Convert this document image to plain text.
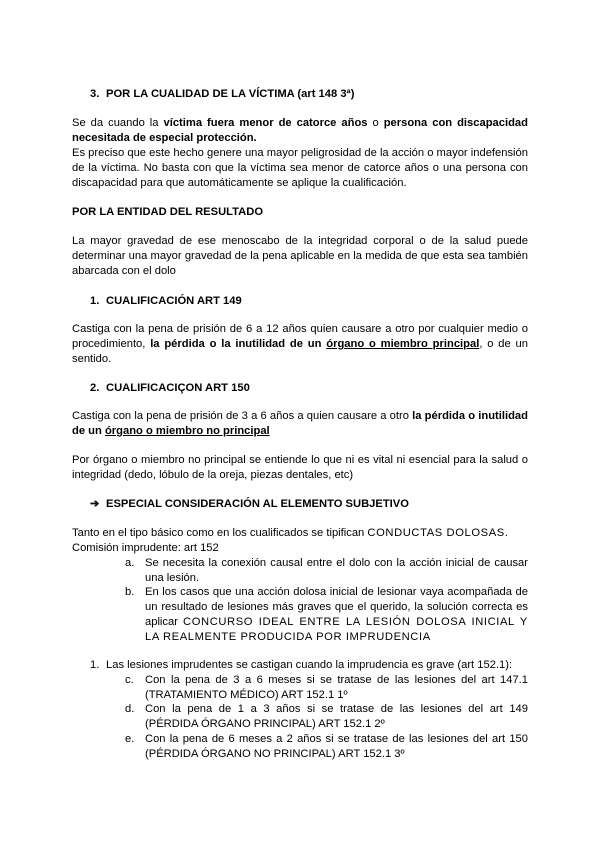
3. POR LA CUALIDAD DE LA VÍCTIMA (art 148 3ª)
Se da cuando la víctima fuera menor de catorce años o persona con discapacidad necesitada de especial protección.
Es preciso que este hecho genere una mayor peligrosidad de la acción o mayor indefensión de la víctima. No basta con que la víctima sea menor de catorce años o una persona con discapacidad para que automáticamente se aplique la cualificación.
POR LA ENTIDAD DEL RESULTADO
La mayor gravedad de ese menoscabo de la integridad corporal o de la salud puede determinar una mayor gravedad de la pena aplicable en la medida de que esta sea también abarcada con el dolo
1. CUALIFICACIÓN ART 149
Castiga con la pena de prisión de 6 a 12 años quien causare a otro por cualquier medio o procedimiento, la pérdida o la inutilidad de un órgano o miembro principal, o de un sentido.
2. CUALIFICACIÇON ART 150
Castiga con la pena de prisión de 3 a 6 años a quien causare a otro la pérdida o inutilidad de un órgano o miembro no principal
Por órgano o miembro no principal se entiende lo que ni es vital ni esencial para la salud o integridad (dedo, lóbulo de la oreja, piezas dentales, etc)
➔ ESPECIAL CONSIDERACIÓN AL ELEMENTO SUBJETIVO
Tanto en el tipo básico como en los cualificados se tipifican CONDUCTAS DOLOSAS.
Comisión imprudente: art 152
a. Se necesita la conexión causal entre el dolo con la acción inicial de causar una lesión.
b. En los casos que una acción dolosa inicial de lesionar vaya acompañada de un resultado de lesiones más graves que el querido, la solución correcta es aplicar CONCURSO IDEAL ENTRE LA LESIÓN DOLOSA INICIAL Y LA REALMENTE PRODUCIDA POR IMPRUDENCIA
1. Las lesiones imprudentes se castigan cuando la imprudencia es grave (art 152.1):
c. Con la pena de 3 a 6 meses si se tratase de las lesiones del art 147.1 (TRATAMIENTO MÉDICO) ART 152.1 1º
d. Con la pena de 1 a 3 años si se tratase de las lesiones del art 149 (PÉRDIDA ÓRGANO PRINCIPAL) ART 152.1 2º
e. Con la pena de 6 meses a 2 años si se tratase de las lesiones del art 150 (PÉRDIDA ÓRGANO NO PRINCIPAL) ART 152.1 3º
